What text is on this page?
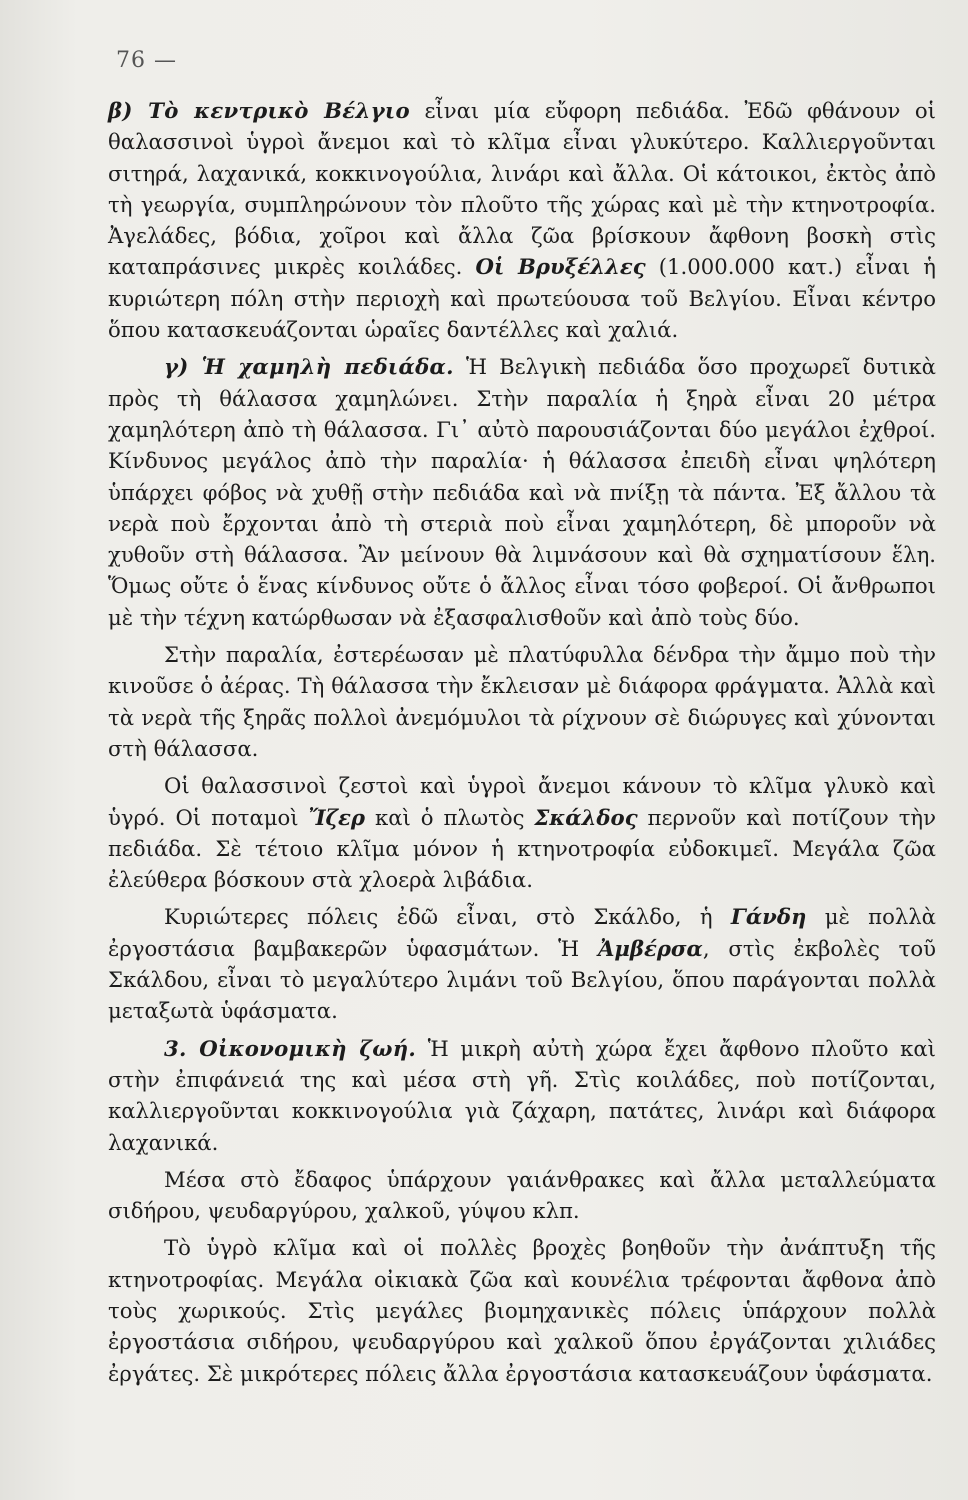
76 —

β) Τὸ κεντρικὸ Βέλγιο εἶναι μία εὔφορη πεδιάδα. Ἐδῶ φθάνουν οἱ θαλασσινοὶ ὑγροὶ ἄνεμοι καὶ τὸ κλῖμα εἶναι γλυκύτερο. Καλλιεργοῦνται σιτηρά, λαχανικά, κοκκινογούλια, λινάρι καὶ ἄλλα. Οἱ κάτοικοι, ἐκτὸς ἀπὸ τὴ γεωργία, συμπληρώνουν τὸν πλοῦτο τῆς χώρας καὶ μὲ τὴν κτηνοτροφία. Ἀγελάδες, βόδια, χοῖροι καὶ ἄλλα ζῶα βρίσκουν ἄφθονη βοσκὴ στὶς καταπράσινες μικρὲς κοιλάδες. Οἱ Βρυξέλλες (1.000.000 κατ.) εἶναι ἡ κυριώτερη πόλη στὴν περιοχὴ καὶ πρωτεύουσα τοῦ Βελγίου. Εἶναι κέντρο ὅπου κατασκευάζονται ὡραῖες δαντέλλες καὶ χαλιά.

γ) Ἡ χαμηλὴ πεδιάδα. Ἡ Βελγικὴ πεδιάδα ὅσο προχωρεῖ δυτικὰ πρὸς τὴ θάλασσα χαμηλώνει. Στὴν παραλία ἡ ξηρὰ εἶναι 20 μέτρα χαμηλότερη ἀπὸ τὴ θάλασσα. Γι᾿ αὐτὸ παρουσιάζονται δύο μεγάλοι ἐχθροί. Κίνδυνος μεγάλος ἀπὸ τὴν παραλία· ἡ θάλασσα ἐπειδὴ εἶναι ψηλότερη ὑπάρχει φόβος νὰ χυθῇ στὴν πεδιάδα καὶ νὰ πνίξῃ τὰ πάντα. Ἐξ ἄλλου τὰ νερὰ ποὺ ἔρχονται ἀπὸ τὴ στεριὰ ποὺ εἶναι χαμηλότερη, δὲ μποροῦν νὰ χυθοῦν στὴ θάλασσα. Ἂν μείνουν θὰ λιμνάσουν καὶ θὰ σχηματίσουν ἕλη. Ὅμως οὔτε ὁ ἕνας κίνδυνος οὔτε ὁ ἄλλος εἶναι τόσο φοβεροί. Οἱ ἄνθρωποι μὲ τὴν τέχνη κατώρθωσαν νὰ ἐξασφαλισθοῦν καὶ ἀπὸ τοὺς δύο.

Στὴν παραλία, ἐστερέωσαν μὲ πλατύφυλλα δένδρα τὴν ἄμμο ποὺ τὴν κινοῦσε ὁ ἀέρας. Τὴ θάλασσα τὴν ἔκλεισαν μὲ διάφορα φράγματα. Ἀλλὰ καὶ τὰ νερὰ τῆς ξηρᾶς πολλοὶ ἀνεμόμυλοι τὰ ρίχνουν σὲ διώρυγες καὶ χύνονται στὴ θάλασσα.

Οἱ θαλασσινοὶ ζεστοὶ καὶ ὑγροὶ ἄνεμοι κάνουν τὸ κλῖμα γλυκὸ καὶ ὑγρό. Οἱ ποταμοὶ Ἴζερ καὶ ὁ πλωτὸς Σκάλδος περνοῦν καὶ ποτίζουν τὴν πεδιάδα. Σὲ τέτοιο κλῖμα μόνον ἡ κτηνοτροφία εὐδοκιμεῖ. Μεγάλα ζῶα ἐλεύθερα βόσκουν στὰ χλοερὰ λιβάδια.

Κυριώτερες πόλεις ἐδῶ εἶναι, στὸ Σκάλδο, ἡ Γάνδη μὲ πολλὰ ἐργοστάσια βαμβακερῶν ὑφασμάτων. Ἡ Ἀμβέρσα, στὶς ἐκβολὲς τοῦ Σκάλδου, εἶναι τὸ μεγαλύτερο λιμάνι τοῦ Βελγίου, ὅπου παράγονται πολλὰ μεταξωτὰ ὑφάσματα.

3. Οἰκονομικὴ ζωή. Ἡ μικρὴ αὐτὴ χώρα ἔχει ἄφθονο πλοῦτο καὶ στὴν ἐπιφάνειά της καὶ μέσα στὴ γῆ. Στὶς κοιλάδες, ποὺ ποτίζονται, καλλιεργοῦνται κοκκινογούλια γιὰ ζάχαρη, πατάτες, λινάρι καὶ διάφορα λαχανικά.

Μέσα στὸ ἔδαφος ὑπάρχουν γαιάνθρακες καὶ ἄλλα μεταλλεύματα σιδήρου, ψευδαργύρου, χαλκοῦ, γύψου κλπ.

Τὸ ὑγρὸ κλῖμα καὶ οἱ πολλὲς βροχὲς βοηθοῦν τὴν ἀνάπτυξη τῆς κτηνοτροφίας. Μεγάλα οἰκιακὰ ζῶα καὶ κουνέλια τρέφονται ἄφθονα ἀπὸ τοὺς χωρικούς. Στὶς μεγάλες βιομηχανικὲς πόλεις ὑπάρχουν πολλὰ ἐργοστάσια σιδήρου, ψευδαργύρου καὶ χαλκοῦ ὅπου ἐργάζονται χιλιάδες ἐργάτες. Σὲ μικρότερες πόλεις ἄλλα ἐργοστάσια κατασκευάζουν ὑφάσματα.
